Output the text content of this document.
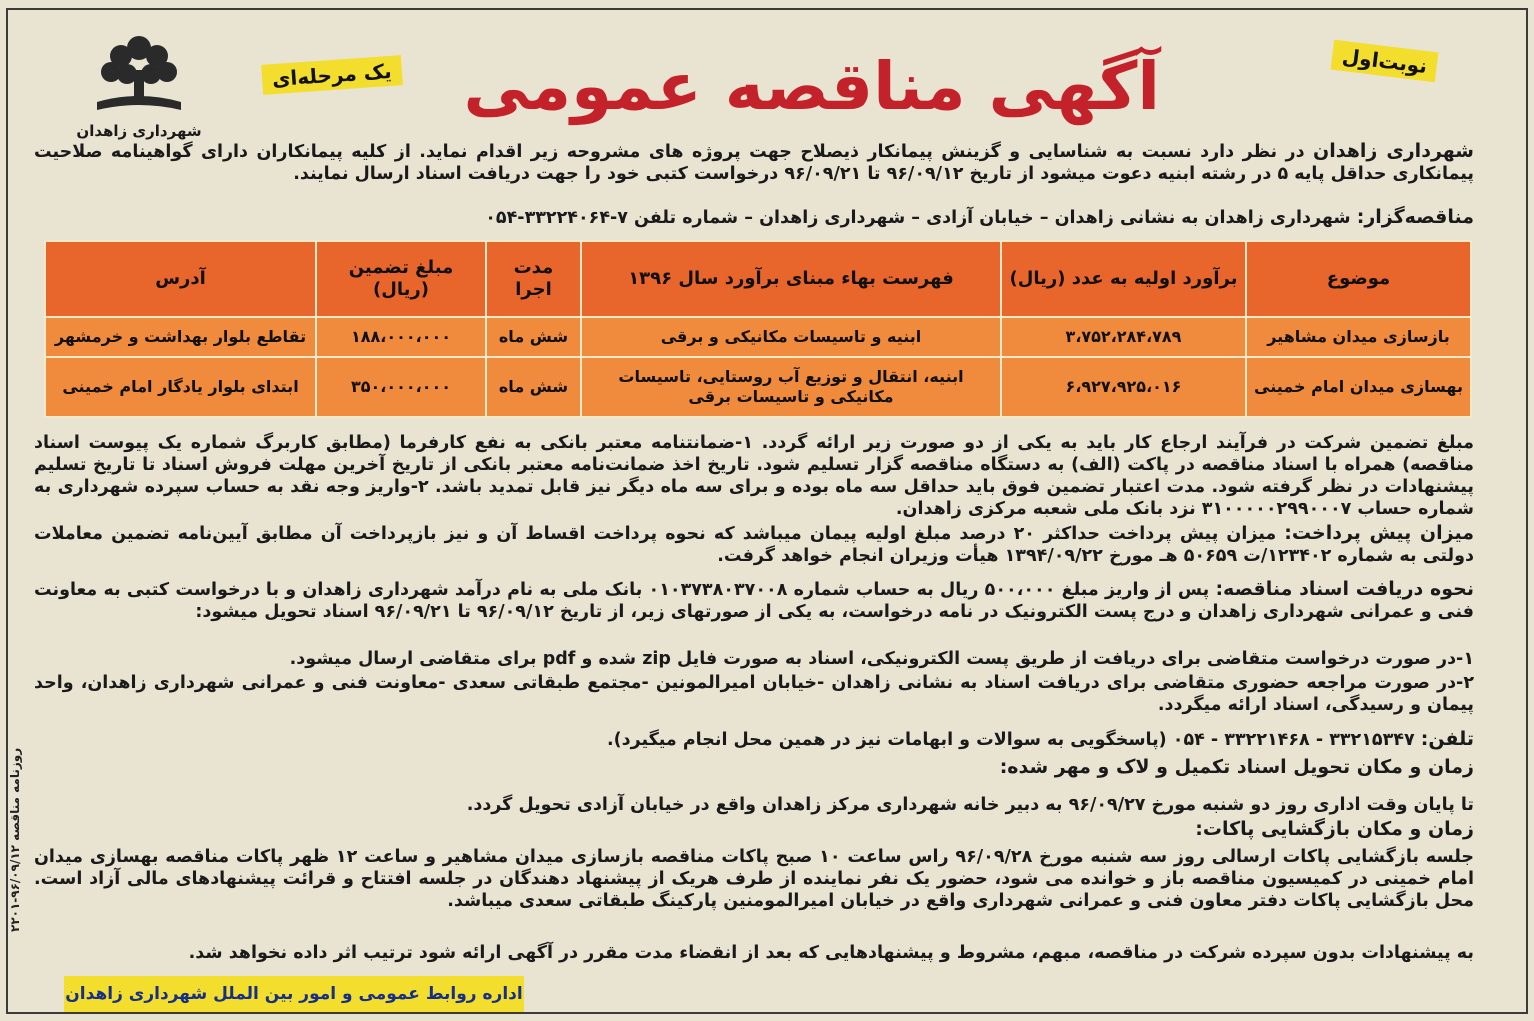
روزنامه مناقصه ۹۶/۰۹/۱۲-۲۲۰۱
شهرداری زاهدان
یک مرحله‌ای	نوبت‌اول
آگهی مناقصه عمومی
شهرداری زاهدان در نظر دارد نسبت به شناسایی و گزینش پیمانکار ذیصلاح جهت پروژه های مشروحه زیر اقدام نماید. از کلیه پیمانکاران دارای گواهینامه صلاحیت پیمانکاری حداقل پایه ۵ در رشته ابنیه دعوت میشود از تاریخ ۹۶/۰۹/۱۲ تا ۹۶/۰۹/۲۱ درخواست کتبی خود را جهت دریافت اسناد ارسال نمایند.
مناقصه‌گزار: شهرداری زاهدان به نشانی زاهدان – خیابان آزادی – شهرداری زاهدان – شماره تلفن ۷-۳۳۲۲۴۰۶۴-۰۵۴
موضوع	برآورد اولیه به عدد (ریال)	فهرست بهاء مبنای برآورد سال ۱۳۹۶	مدت اجرا	مبلغ تضمین (ریال)	آدرس
بازسازی میدان مشاهیر	۳،۷۵۲،۲۸۴،۷۸۹	ابنیه و تاسیسات مکانیکی و برقی	شش ماه	۱۸۸،۰۰۰،۰۰۰	تقاطع بلوار بهداشت و خرمشهر
بهسازی میدان امام خمینی	۶،۹۲۷،۹۲۵،۰۱۶	ابنیه، انتقال و توزیع آب روستایی، تاسیسات مکانیکی و تاسیسات برقی	شش ماه	۳۵۰،۰۰۰،۰۰۰	ابتدای بلوار یادگار امام خمینی
مبلغ تضمین شرکت در فرآیند ارجاع کار باید به یکی از دو صورت زیر ارائه گردد. ۱-ضمانتنامه معتبر بانکی به نفع کارفرما (مطابق کاربرگ شماره یک پیوست اسناد مناقصه) همراه با اسناد مناقصه در پاکت (الف) به دستگاه مناقصه گزار تسلیم شود. تاریخ اخذ ضمانت‌نامه معتبر بانکی از تاریخ آخرین مهلت فروش اسناد تا تاریخ تسلیم پیشنهادات در نظر گرفته شود. مدت اعتبار تضمین فوق باید حداقل سه ماه بوده و برای سه ماه دیگر نیز قابل تمدید باشد. ۲-واریز وجه نقد به حساب سپرده شهرداری به شماره حساب ۳۱۰۰۰۰۰۲۹۹۰۰۰۷ نزد بانک ملی شعبه مرکزی زاهدان.
میزان پیش پرداخت: میزان پیش پرداخت حداکثر ۲۰ درصد مبلغ اولیه پیمان میباشد که نحوه پرداخت اقساط آن و نیز بازپرداخت آن مطابق آیین‌نامه تضمین معاملات دولتی به شماره ۱۲۳۴۰۲/ت ۵۰۶۵۹ هـ مورخ ۱۳۹۴/۰۹/۲۲ هیأت وزیران انجام خواهد گرفت.
نحوه دریافت اسناد مناقصه: پس از واریز مبلغ ۵۰۰،۰۰۰ ریال به حساب شماره ۰۱۰۳۷۳۸۰۳۷۰۰۸ بانک ملی به نام درآمد شهرداری زاهدان و با درخواست کتبی به معاونت فنی و عمرانی شهرداری زاهدان و درج پست الکترونیک در نامه درخواست، به یکی از صورتهای زیر، از تاریخ ۹۶/۰۹/۱۲ تا ۹۶/۰۹/۲۱ اسناد تحویل میشود:
۱-در صورت درخواست متقاضی برای دریافت از طریق پست الکترونیکی، اسناد به صورت فایل zip شده و pdf برای متقاضی ارسال میشود.
۲-در صورت مراجعه حضوری متقاضی برای دریافت اسناد به نشانی زاهدان -خیابان امیرالمونین -مجتمع طبقاتی سعدی -معاونت فنی و عمرانی شهرداری زاهدان، واحد پیمان و رسیدگی، اسناد ارائه میگردد.
تلفن: ۳۳۲۱۵۳۴۷ - ۳۳۲۲۱۴۶۸ - ۰۵۴ (پاسخگویی به سوالات و ابهامات نیز در همین محل انجام میگیرد).
زمان و مکان تحویل اسناد تکمیل و لاک و مهر شده:
تا پایان وقت اداری روز دو شنبه مورخ ۹۶/۰۹/۲۷ به دبیر خانه شهرداری مرکز زاهدان واقع در خیابان آزادی تحویل گردد.
زمان و مکان بازگشایی پاکات:
جلسه بازگشایی پاکات ارسالی روز سه شنبه مورخ ۹۶/۰۹/۲۸ راس ساعت ۱۰ صبح پاکات مناقصه بازسازی میدان مشاهیر و ساعت ۱۲ ظهر پاکات مناقصه بهسازی میدان امام خمینی در کمیسیون مناقصه باز و خوانده می شود، حضور یک نفر نماینده از طرف هریک از پیشنهاد دهندگان در جلسه افتتاح و قرائت پیشنهادهای مالی آزاد است. محل بازگشایی پاکات دفتر معاون فنی و عمرانی شهرداری واقع در خیابان امیرالمومنین پارکینگ طبقاتی سعدی میباشد.
به پیشنهادات بدون سپرده شرکت در مناقصه، مبهم، مشروط و پیشنهادهایی که بعد از انقضاء مدت مقرر در آگهی ارائه شود ترتیب اثر داده نخواهد شد.
اداره روابط عمومی و امور بین الملل شهرداری زاهدان
